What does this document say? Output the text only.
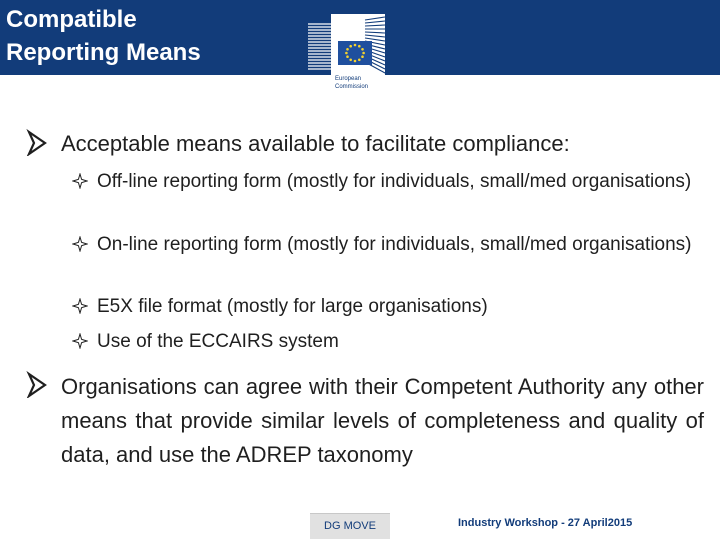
Compatible
Reporting Means
European
Commission
Acceptable means available to facilitate compliance:
Off-line reporting form (mostly for individuals, small/med organisations)
On-line reporting form (mostly for individuals, small/med organisations)
E5X file format (mostly for large organisations)
Use of the ECCAIRS system
Organisations can agree with their Competent Authority any other means that provide similar levels of completeness and quality of data, and use the ADREP taxonomy
DG MOVE	Industry Workshop - 27 April2015
